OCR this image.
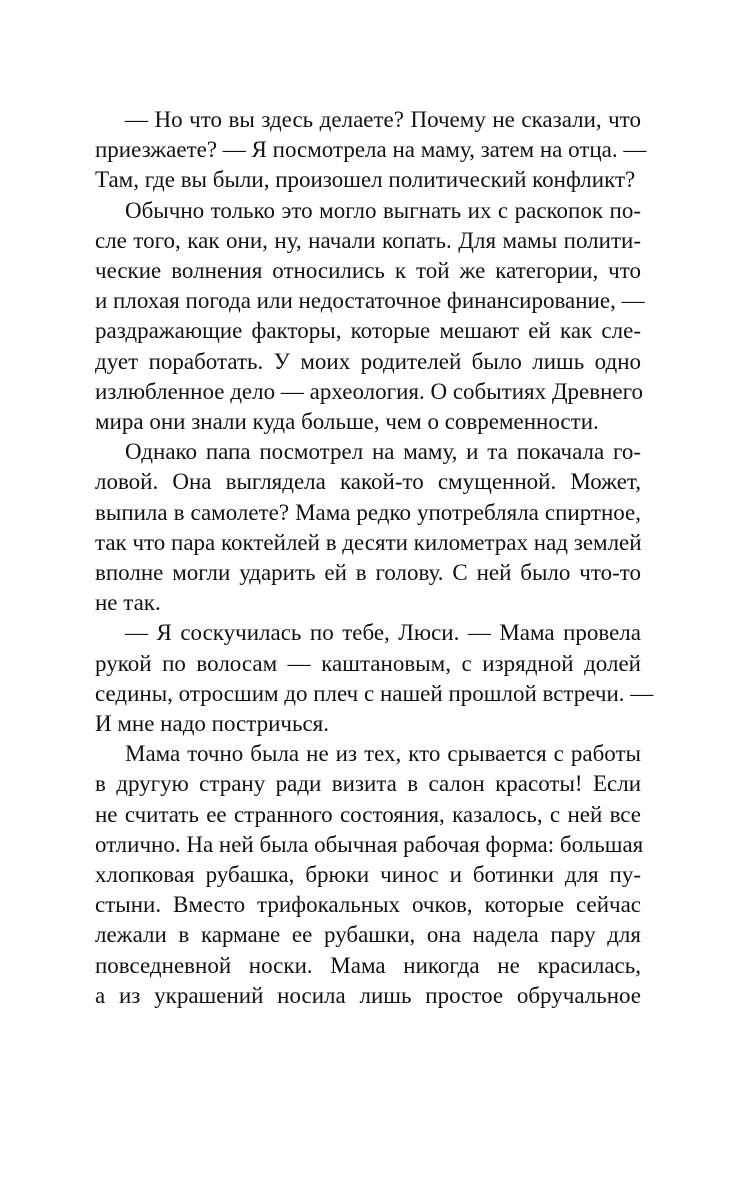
— Но что вы здесь делаете? Почему не сказали, что
приезжаете? — Я посмотрела на маму, затем на отца. —
Там, где вы были, произошел политический конфликт?
Обычно только это могло выгнать их с раскопок по-
сле того, как они, ну, начали копать. Для мамы полити-
ческие волнения относились к той же категории, что
и плохая погода или недостаточное финансирование, —
раздражающие факторы, которые мешают ей как сле-
дует поработать. У моих родителей было лишь одно
излюбленное дело — археология. О событиях Древнего
мира они знали куда больше, чем о современности.
Однако папа посмотрел на маму, и та покачала го-
ловой. Она выглядела какой-то смущенной. Может,
выпила в самолете? Мама редко употребляла спиртное,
так что пара коктейлей в десяти километрах над землей
вполне могли ударить ей в голову. С ней было что-то
не так.
— Я соскучилась по тебе, Люси. — Мама провела
рукой по волосам — каштановым, с изрядной долей
седины, отросшим до плеч с нашей прошлой встречи. —
И мне надо постричься.
Мама точно была не из тех, кто срывается с работы
в другую страну ради визита в салон красоты! Если
не считать ее странного состояния, казалось, с ней все
отлично. На ней была обычная рабочая форма: большая
хлопковая рубашка, брюки чинос и ботинки для пу-
стыни. Вместо трифокальных очков, которые сейчас
лежали в кармане ее рубашки, она надела пару для
повседневной носки. Мама никогда не красилась,
а из украшений носила лишь простое обручальное
